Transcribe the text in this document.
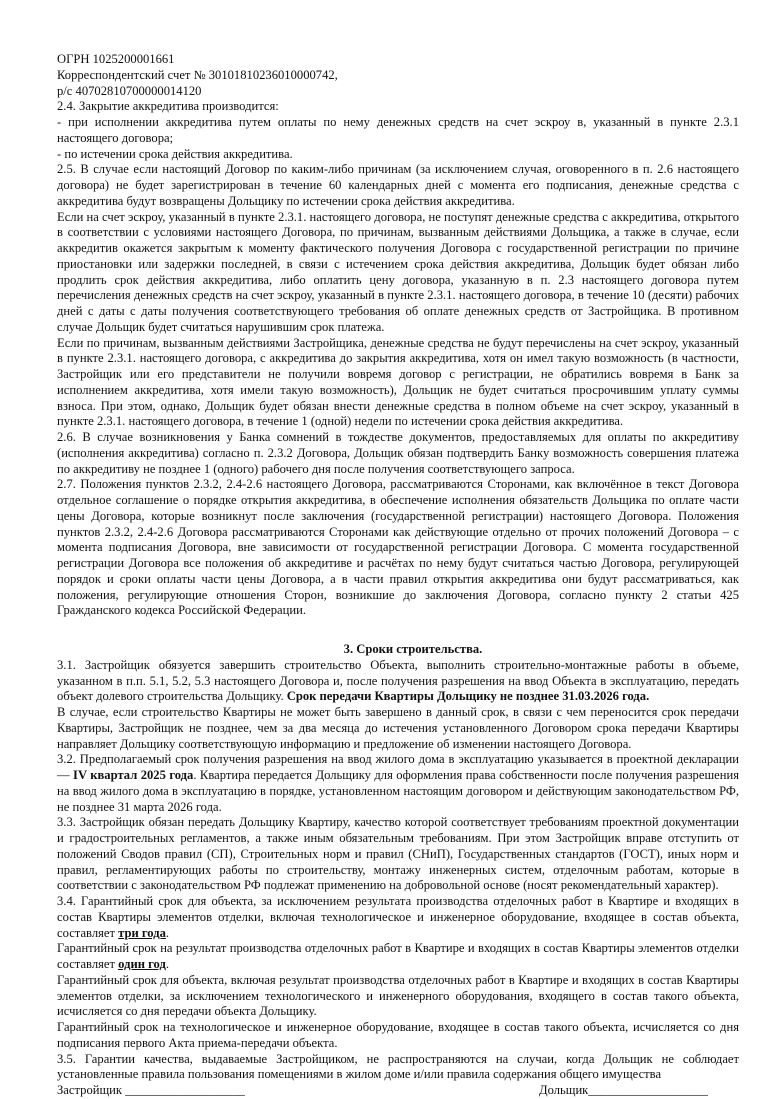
ОГРН 1025200001661
Корреспондентский счет № 30101810236010000742,
р/с 40702810700000014120
2.4. Закрытие аккредитива производится:
- при исполнении аккредитива путем оплаты по нему денежных средств на счет эскроу в, указанный в пункте 2.3.1 настоящего договора;
- по истечении срока действия аккредитива.
2.5. В случае если настоящий Договор по каким-либо причинам (за исключением случая, оговоренного в п. 2.6 настоящего договора) не будет зарегистрирован в течение 60 календарных дней с момента его подписания, денежные средства с аккредитива будут возвращены Дольщику по истечении срока действия аккредитива.
Если на счет эскроу, указанный в пункте 2.3.1. настоящего договора, не поступят денежные средства с аккредитива, открытого в соответствии с условиями настоящего Договора, по причинам, вызванным действиями Дольщика, а также в случае, если аккредитив окажется закрытым к моменту фактического получения Договора с государственной регистрации по причине приостановки или задержки последней, в связи с истечением срока действия аккредитива, Дольщик будет обязан либо продлить срок действия аккредитива, либо оплатить цену договора, указанную в п. 2.3 настоящего договора путем перечисления денежных средств на счет эскроу, указанный в пункте 2.3.1. настоящего договора, в течение 10 (десяти) рабочих дней с даты с даты получения соответствующего требования об оплате денежных средств от Застройщика. В противном случае Дольщик будет считаться нарушившим срок платежа.
Если по причинам, вызванным действиями Застройщика, денежные средства не будут перечислены на счет эскроу, указанный в пункте 2.3.1. настоящего договора, с аккредитива до закрытия аккредитива, хотя он имел такую возможность (в частности, Застройщик или его представители не получили вовремя договор с регистрации, не обратились вовремя в Банк за исполнением аккредитива, хотя имели такую возможность), Дольщик не будет считаться просрочившим уплату суммы взноса. При этом, однако, Дольщик будет обязан внести денежные средства в полном объеме на счет эскроу, указанный в пункте 2.3.1. настоящего договора, в течение 1 (одной) недели по истечении срока действия аккредитива.
2.6. В случае возникновения у Банка сомнений в тождестве документов, предоставляемых для оплаты по аккредитиву (исполнения аккредитива) согласно п. 2.3.2 Договора, Дольщик обязан подтвердить Банку возможность совершения платежа по аккредитиву не позднее 1 (одного) рабочего дня после получения соответствующего запроса.
2.7. Положения пунктов 2.3.2, 2.4-2.6 настоящего Договора, рассматриваются Сторонами, как включённое в текст Договора отдельное соглашение о порядке открытия аккредитива, в обеспечение исполнения обязательств Дольщика по оплате части цены Договора, которые возникнут после заключения (государственной регистрации) настоящего Договора. Положения пунктов 2.3.2, 2.4-2.6 Договора рассматриваются Сторонами как действующие отдельно от прочих положений Договора – с момента подписания Договора, вне зависимости от государственной регистрации Договора. С момента государственной регистрации Договора все положения об аккредитиве и расчётах по нему будут считаться частью Договора, регулирующей порядок и сроки оплаты части цены Договора, а в части правил открытия аккредитива они будут рассматриваться, как положения, регулирующие отношения Сторон, возникшие до заключения Договора, согласно пункту 2 статьи 425 Гражданского кодекса Российской Федерации.
3. Сроки строительства.
3.1. Застройщик обязуется завершить строительство Объекта, выполнить строительно-монтажные работы в объеме, указанном в п.п. 5.1, 5.2, 5.3 настоящего Договора и, после получения разрешения на ввод Объекта в эксплуатацию, передать объект долевого строительства Дольщику. Срок передачи Квартиры Дольщику не позднее 31.03.2026 года.
В случае, если строительство Квартиры не может быть завершено в данный срок, в связи с чем переносится срок передачи Квартиры, Застройщик не позднее, чем за два месяца до истечения установленного Договором срока передачи Квартиры направляет Дольщику соответствующую информацию и предложение об изменении настоящего Договора.
3.2. Предполагаемый срок получения разрешения на ввод жилого дома в эксплуатацию указывается в проектной декларации — IV квартал 2025 года. Квартира передается Дольщику для оформления права собственности после получения разрешения на ввод жилого дома в эксплуатацию в порядке, установленном настоящим договором и действующим законодательством РФ, не позднее 31 марта 2026 года.
3.3. Застройщик обязан передать Дольщику Квартиру, качество которой соответствует требованиям проектной документации и градостроительных регламентов, а также иным обязательным требованиям. При этом Застройщик вправе отступить от положений Сводов правил (СП), Строительных норм и правил (СНиП), Государственных стандартов (ГОСТ), иных норм и правил, регламентирующих работы по строительству, монтажу инженерных систем, отделочным работам, которые в соответствии с законодательством РФ подлежат применению на добровольной основе (носят рекомендательный характер).
3.4. Гарантийный срок для объекта, за исключением результата производства отделочных работ в Квартире и входящих в состав Квартиры элементов отделки, включая технологическое и инженерное оборудование, входящее в состав объекта, составляет три года.
Гарантийный срок на результат производства отделочных работ в Квартире и входящих в состав Квартиры элементов отделки составляет один год.
Гарантийный срок для объекта, включая результат производства отделочных работ в Квартире и входящих в состав Квартиры элементов отделки, за исключением технологического и инженерного оборудования, входящего в состав такого объекта, исчисляется со дня передачи объекта Дольщику.
Гарантийный срок на технологическое и инженерное оборудование, входящее в состав такого объекта, исчисляется со дня подписания первого Акта приема-передачи объекта.
3.5. Гарантии качества, выдаваемые Застройщиком, не распространяются на случаи, когда Дольщик не соблюдает установленные правила пользования помещениями в жилом доме и/или правила содержания общего имущества
Застройщик ___________________	Дольщик___________________
